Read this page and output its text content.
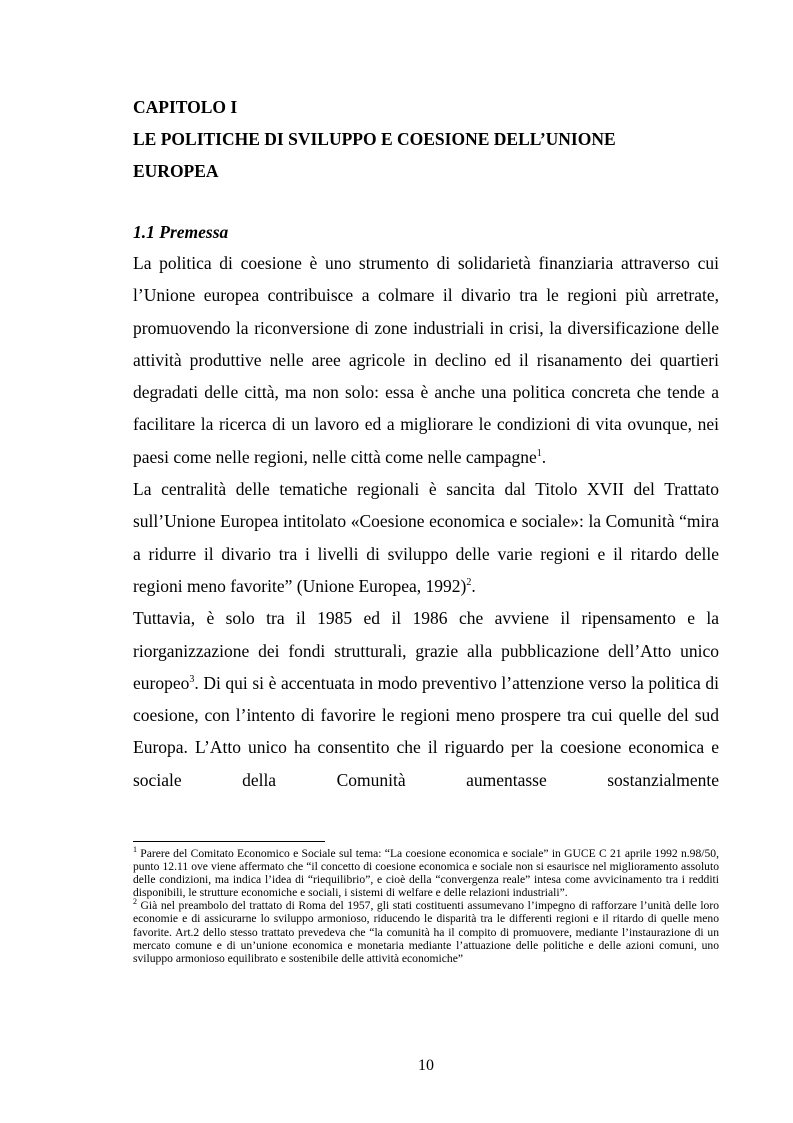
CAPITOLO I
LE POLITICHE DI SVILUPPO E COESIONE DELL’UNIONE
EUROPEA
1.1 Premessa

La politica di coesione è uno strumento di solidarietà finanziaria attraverso cui l’Unione europea contribuisce a colmare il divario tra le regioni più arretrate, promuovendo la riconversione di zone industriali in crisi, la diversificazione delle attività produttive nelle aree agricole in declino ed il risanamento dei quartieri degradati delle città, ma non solo: essa è anche una politica concreta che tende a facilitare la ricerca di un lavoro ed a migliorare le condizioni di vita ovunque, nei paesi come nelle regioni, nelle città come nelle campagne$^1$.

La centralità delle tematiche regionali è sancita dal Titolo XVII del Trattato sull’Unione Europea intitolato «Coesione economica e sociale»: la Comunità “mira a ridurre il divario tra i livelli di sviluppo delle varie regioni e il ritardo delle regioni meno favorite” (Unione Europea, 1992)$^2$.

Tuttavia, è solo tra il 1985 ed il 1986 che avviene il ripensamento e la riorganizzazione dei fondi strutturali, grazie alla pubblicazione dell’Atto unico europeo$^3$. Di qui si è accentuata in modo preventivo l’attenzione verso la politica di coesione, con l’intento di favorire le regioni meno prospere tra cui quelle del sud Europa. L’Atto unico ha consentito che il riguardo per la coesione economica e sociale della Comunità aumentasse sostanzialmente

$^1$ Parere del Comitato Economico e Sociale sul tema: “La coesione economica e sociale” in GUCE C 21 aprile 1992 n.98/50, punto 12.11 ove viene affermato che “il concetto di coesione economica e sociale non si esaurisce nel miglioramento assoluto delle condizioni, ma indica l’idea di “riequilibrio”, e cioè della “convergenza reale” intesa come avvicinamento tra i redditi disponibili, le strutture economiche e sociali, i sistemi di welfare e delle relazioni industriali”.

$^2$ Già nel preambolo del trattato di Roma del 1957, gli stati costituenti assumevano l’impegno di rafforzare l’unità delle loro economie e di assicurarne lo sviluppo armonioso, riducendo le disparità tra le differenti regioni e il ritardo di quelle meno favorite. Art.2 dello stesso trattato prevedeva che “la comunità ha il compito di promuovere, mediante l’instaurazione di un mercato comune e di un’unione economica e monetaria mediante l’attuazione delle politiche e delle azioni comuni, uno sviluppo armonioso equilibrato e sostenibile delle attività economiche”

10
